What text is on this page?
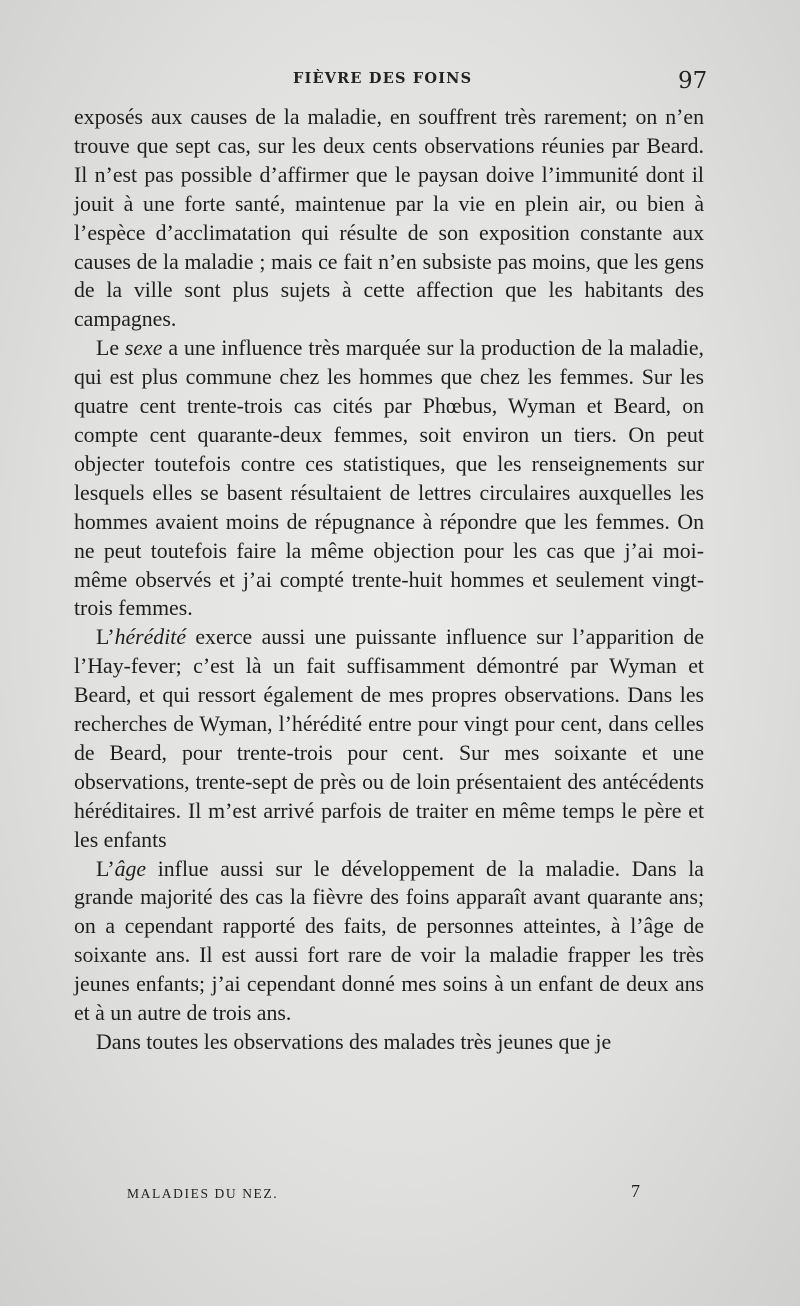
FIÈVRE DES FOINS	97

exposés aux causes de la maladie, en souffrent très rarement; on n’en trouve que sept cas, sur les deux cents observations réunies par Beard. Il n’est pas possible d’affirmer que le paysan doive l’immunité dont il jouit à une forte santé, maintenue par la vie en plein air, ou bien à l’espèce d’acclimatation qui résulte de son exposition constante aux causes de la maladie ; mais ce fait n’en subsiste pas moins, que les gens de la ville sont plus sujets à cette affection que les habitants des campagnes.

Le sexe a une influence très marquée sur la production de la maladie, qui est plus commune chez les hommes que chez les femmes. Sur les quatre cent trente-trois cas cités par Phœbus, Wyman et Beard, on compte cent quarante-deux femmes, soit environ un tiers. On peut objecter toutefois contre ces statistiques, que les renseignements sur lesquels elles se basent résultaient de lettres circulaires auxquelles les hommes avaient moins de répugnance à répondre que les femmes. On ne peut toutefois faire la même objection pour les cas que j’ai moi-même observés et j’ai compté trente-huit hommes et seulement vingt-trois femmes.

L’hérédité exerce aussi une puissante influence sur l’apparition de l’Hay-fever; c’est là un fait suffisamment démontré par Wyman et Beard, et qui ressort également de mes propres observations. Dans les recherches de Wyman, l’hérédité entre pour vingt pour cent, dans celles de Beard, pour trente-trois pour cent. Sur mes soixante et une observations, trente-sept de près ou de loin présentaient des antécédents héréditaires. Il m’est arrivé parfois de traiter en même temps le père et les enfants

L’âge influe aussi sur le développement de la maladie. Dans la grande majorité des cas la fièvre des foins apparaît avant quarante ans; on a cependant rapporté des faits, de personnes atteintes, à l’âge de soixante ans. Il est aussi fort rare de voir la maladie frapper les très jeunes enfants; j’ai cependant donné mes soins à un enfant de deux ans et à un autre de trois ans.

Dans toutes les observations des malades très jeunes que je

MALADIES DU NEZ.	7
